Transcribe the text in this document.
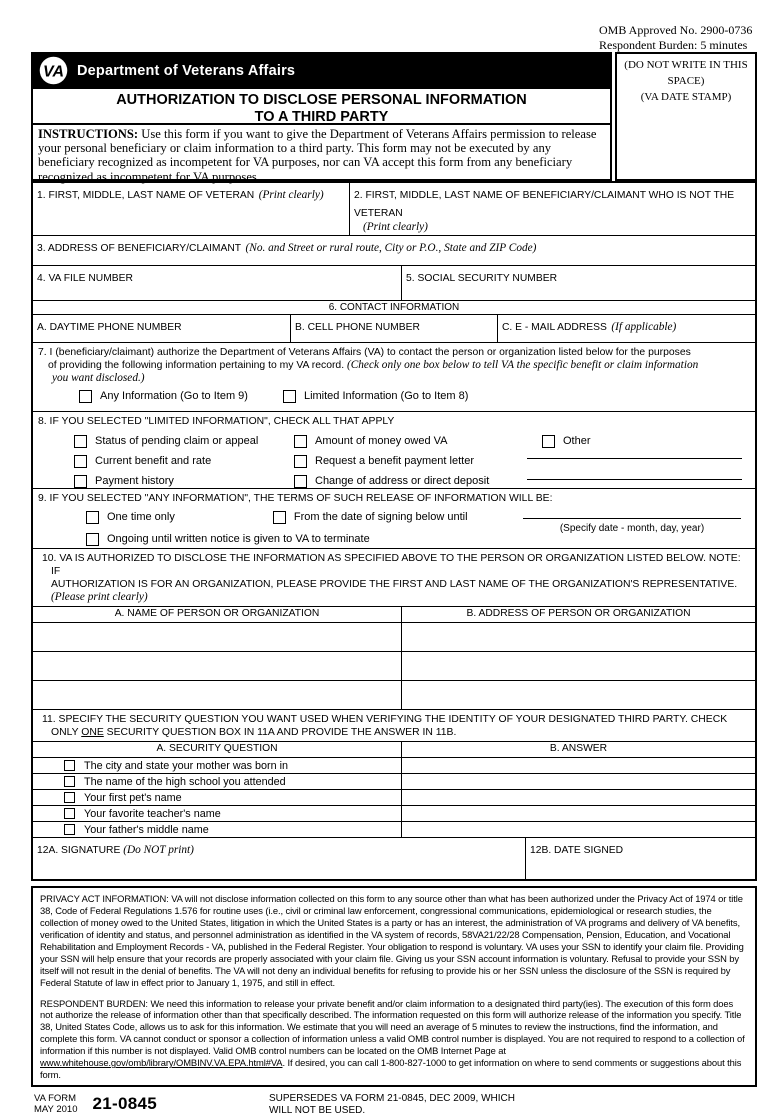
OMB Approved No. 2900-0736
Respondent Burden: 5 minutes
VA Department of Veterans Affairs
AUTHORIZATION TO DISCLOSE PERSONAL INFORMATION
TO A THIRD PARTY
INSTRUCTIONS: Use this form if you want to give the Department of Veterans Affairs permission to release your personal beneficiary or claim information to a third party. This form may not be executed by any beneficiary recognized as incompetent for VA purposes, nor can VA accept this form from any beneficiary recognized as incompetent for VA purposes.
(DO NOT WRITE IN THIS SPACE)
(VA DATE STAMP)
1. FIRST, MIDDLE, LAST NAME OF VETERAN (Print clearly)	2. FIRST, MIDDLE, LAST NAME OF BENEFICIARY/CLAIMANT WHO IS NOT THE VETERAN
(Print clearly)
3. ADDRESS OF BENEFICIARY/CLAIMANT (No. and Street or rural route, City or P.O., State and ZIP Code)
4. VA FILE NUMBER	5. SOCIAL SECURITY NUMBER
6. CONTACT INFORMATION
A. DAYTIME PHONE NUMBER	B. CELL PHONE NUMBER	C. E - MAIL ADDRESS (If applicable)
7. I (beneficiary/claimant) authorize the Department of Veterans Affairs (VA) to contact the person or organization listed below for the purposes
of providing the following information pertaining to my VA record. (Check only one box below to tell VA the specific benefit or claim information
you want disclosed.)
Any Information (Go to Item 9)	Limited Information (Go to Item 8)
8. IF YOU SELECTED "LIMITED INFORMATION", CHECK ALL THAT APPLY
Status of pending claim or appeal	Amount of money owed VA	Other
Current benefit and rate	Request a benefit payment letter
Payment history	Change of address or direct deposit
9. IF YOU SELECTED "ANY INFORMATION", THE TERMS OF SUCH RELEASE OF INFORMATION WILL BE:
One time only	From the date of signing below until
Ongoing until written notice is given to VA to terminate
(Specify date - month, day, year)
10. VA IS AUTHORIZED TO DISCLOSE THE INFORMATION AS SPECIFIED ABOVE TO THE PERSON OR ORGANIZATION LISTED BELOW. NOTE: IF
AUTHORIZATION IS FOR AN ORGANIZATION, PLEASE PROVIDE THE FIRST AND LAST NAME OF THE ORGANIZATION'S REPRESENTATIVE. (Please print clearly)
A. NAME OF PERSON OR ORGANIZATION	B. ADDRESS OF PERSON OR ORGANIZATION
11. SPECIFY THE SECURITY QUESTION YOU WANT USED WHEN VERIFYING THE IDENTITY OF YOUR DESIGNATED THIRD PARTY. CHECK ONLY ONE SECURITY QUESTION BOX IN 11A AND PROVIDE THE ANSWER IN 11B.
A. SECURITY QUESTION	B. ANSWER
The city and state your mother was born in
The name of the high school you attended
Your first pet's name
Your favorite teacher's name
Your father's middle name
12A. SIGNATURE (Do NOT print)	12B. DATE SIGNED

PRIVACY ACT INFORMATION: VA will not disclose information collected on this form to any source other than what has been authorized under the Privacy Act of 1974 or title 38, Code of Federal Regulations 1.576 for routine uses (i.e., civil or criminal law enforcement, congressional communications, epidemiological or research studies, the collection of money owed to the United States, litigation in which the United States is a party or has an interest, the administration of VA programs and delivery of VA benefits, verification of identity and status, and personnel administration as identified in the VA system of records, 58VA21/22/28 Compensation, Pension, Education, and Vocational Rehabilitation and Employment Records - VA, published in the Federal Register. Your obligation to respond is voluntary. VA uses your SSN to identify your claim file. Providing your SSN will help ensure that your records are properly associated with your claim file. Giving us your SSN account information is voluntary. Refusal to provide your SSN by itself will not result in the denial of benefits. The VA will not deny an individual benefits for refusing to provide his or her SSN unless the disclosure of the SSN is required by Federal Statute of law in effect prior to January 1, 1975, and still in effect.

RESPONDENT BURDEN: We need this information to release your private benefit and/or claim information to a designated third party(ies). The execution of this form does not authorize the release of information other than that specifically described. The information requested on this form will authorize release of the information you specify. Title 38, United States Code, allows us to ask for this information. We estimate that you will need an average of 5 minutes to review the instructions, find the information, and complete this form. VA cannot conduct or sponsor a collection of information unless a valid OMB control number is displayed. You are not required to respond to a collection of information if this number is not displayed. Valid OMB control numbers can be located on the OMB Internet Page at www.whitehouse.gov/omb/library/OMBINV.VA.EPA.html#VA. If desired, you can call 1-800-827-1000 to get information on where to send comments or suggestions about this form.

VA FORM
MAY 2010 21-0845	SUPERSEDES VA FORM 21-0845, DEC 2009, WHICH
WILL NOT BE USED.
